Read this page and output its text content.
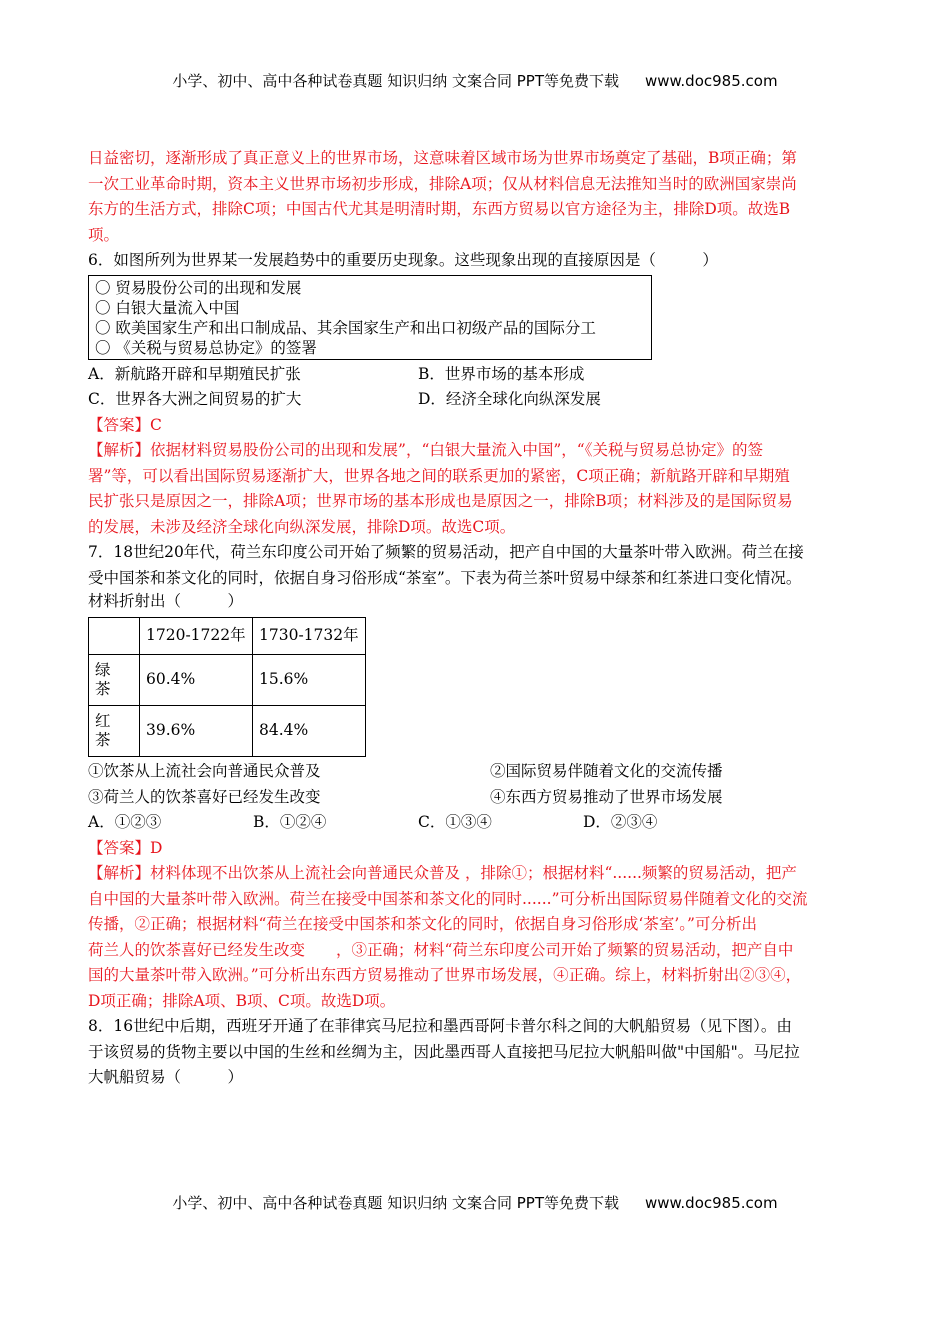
小学、初中、高中各种试卷真题 知识归纳 文案合同 PPT等免费下载 www.doc985.com

日益密切，逐渐形成了真正意义上的世界市场，这意味着区域市场为世界市场奠定了基础，B项正确；第

一次工业革命时期，资本主义世界市场初步形成，排除A项；仅从材料信息无法推知当时的欧洲国家崇尚

东方的生活方式，排除C项；中国古代尤其是明清时期，东西方贸易以官方途径为主，排除D项。故选B

项。

6．如图所列为世界某一发展趋势中的重要历史现象。这些现象出现的直接原因是（　　　）

〇 贸易股份公司的出现和发展
〇 白银大量流入中国
〇 欧美国家生产和出口制成品、其余国家生产和出口初级产品的国际分工
〇 《关税与贸易总协定》的签署
A．新航路开辟和早期殖民扩张	B．世界市场的基本形成
C．世界各大洲之间贸易的扩大	D．经济全球化向纵深发展

【答案】C

【解析】依据材料贸易股份公司的出现和发展”，“白银大量流入中国”，“《关税与贸易总协定》的签

署”等，可以看出国际贸易逐渐扩大，世界各地之间的联系更加的紧密，C项正确；新航路开辟和早期殖

民扩张只是原因之一，排除A项；世界市场的基本形成也是原因之一，排除B项；材料涉及的是国际贸易

的发展，未涉及经济全球化向纵深发展，排除D项。故选C项。

7．18世纪20年代，荷兰东印度公司开始了频繁的贸易活动，把产自中国的大量茶叶带入欧洲。荷兰在接

受中国茶和茶文化的同时，依据自身习俗形成“茶室”。下表为荷兰茶叶贸易中绿茶和红茶进口变化情况。

材料折射出（　　　）

	1720-1722年	1730-1732年
绿
茶	60.4%	15.6%
红
茶	39.6%	84.4%
①饮茶从上流社会向普通民众普及	②国际贸易伴随着文化的交流传播
③荷兰人的饮茶喜好已经发生改变	④东西方贸易推动了世界市场发展
A．①②③	B．①②④	C．①③④	D．②③④

【答案】D

【解析】材料体现不出饮茶从上流社会向普通民众普及 ，排除①；根据材料“......频繁的贸易活动，把产

自中国的大量茶叶带入欧洲。荷兰在接受中国茶和茶文化的同时......”可分析出国际贸易伴随着文化的交流

传播，②正确；根据材料“荷兰在接受中国茶和茶文化的同时，依据自身习俗形成‘茶室’。”可分析出

荷兰人的饮茶喜好已经发生改变　　，③正确；材料“荷兰东印度公司开始了频繁的贸易活动，把产自中

国的大量茶叶带入欧洲。”可分析出东西方贸易推动了世界市场发展，④正确。综上，材料折射出②③④，

D项正确；排除A项、B项、C项。故选D项。

8．16世纪中后期，西班牙开通了在菲律宾马尼拉和墨西哥阿卡普尔科之间的大帆船贸易（见下图）。由

于该贸易的货物主要以中国的生丝和丝绸为主，因此墨西哥人直接把马尼拉大帆船叫做"中国船"。马尼拉

大帆船贸易（　　　）

小学、初中、高中各种试卷真题 知识归纳 文案合同 PPT等免费下载 www.doc985.com
